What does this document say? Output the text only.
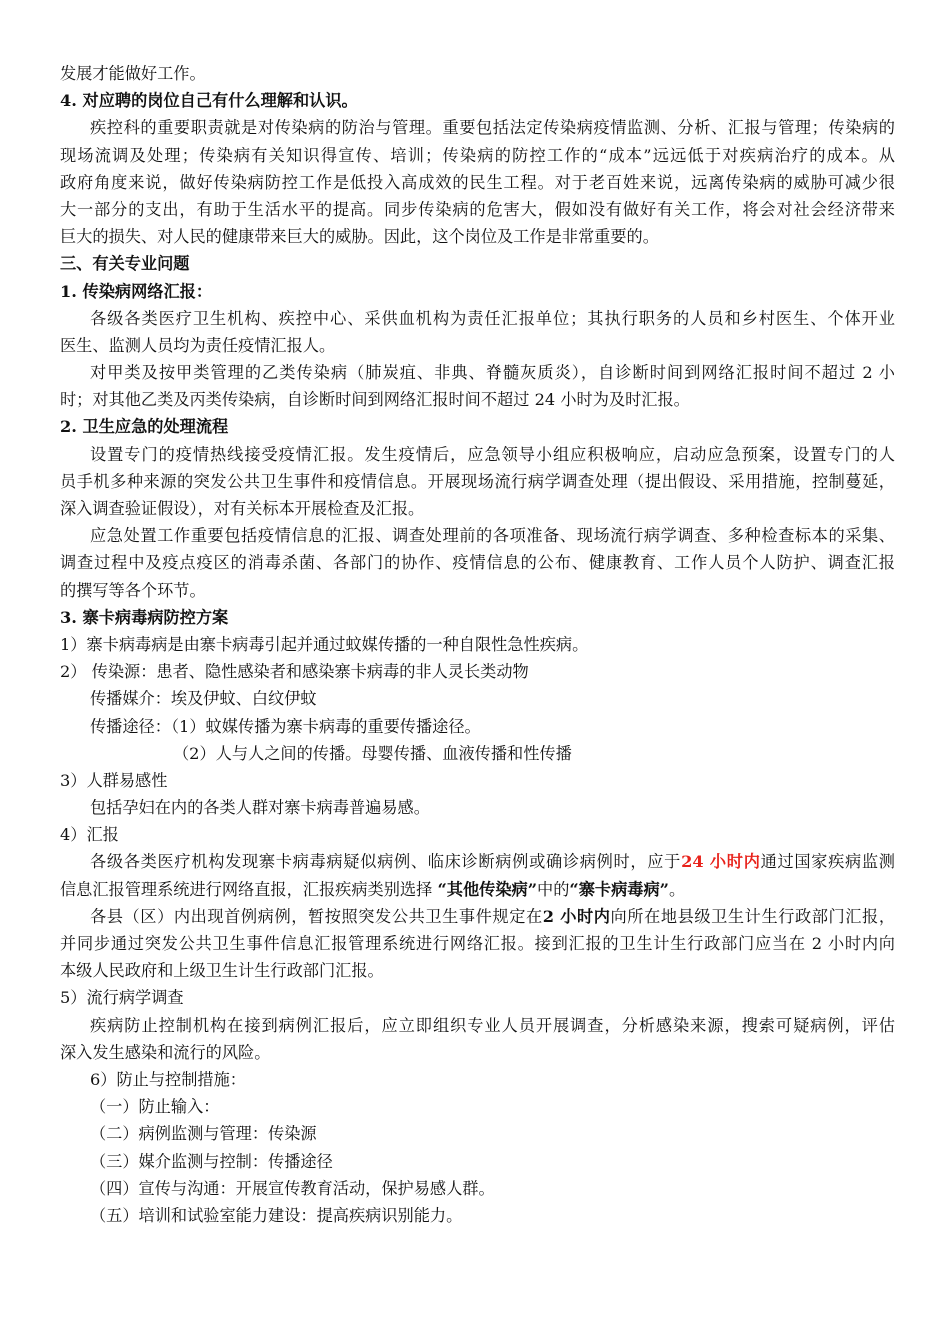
发展才能做好工作。
4. 对应聘的岗位自己有什么理解和认识。
疾控科的重要职责就是对传染病的防治与管理。重要包括法定传染病疫情监测、分析、汇报与管理；传染病的
现场流调及处理；传染病有关知识得宣传、培训；传染病的防控工作的“成本”远远低于对疾病治疗的成本。从
政府角度来说，做好传染病防控工作是低投入高成效的民生工程。对于老百姓来说，远离传染病的威胁可减少很
大一部分的支出，有助于生活水平的提高。同步传染病的危害大，假如没有做好有关工作，将会对社会经济带来
巨大的损失、对人民的健康带来巨大的威胁。因此，这个岗位及工作是非常重要的。
三、有关专业问题
1. 传染病网络汇报：
各级各类医疗卫生机构、疾控中心、采供血机构为责任汇报单位；其执行职务的人员和乡村医生、个体开业
医生、监测人员均为责任疫情汇报人。
对甲类及按甲类管理的乙类传染病（肺炭疽、非典、脊髓灰质炎），自诊断时间到网络汇报时间不超过 2 小
时；对其他乙类及丙类传染病，自诊断时间到网络汇报时间不超过 24 小时为及时汇报。
2. 卫生应急的处理流程
设置专门的疫情热线接受疫情汇报。发生疫情后，应急领导小组应积极响应，启动应急预案，设置专门的人
员手机多种来源的突发公共卫生事件和疫情信息。开展现场流行病学调查处理（提出假设、采用措施，控制蔓延，
深入调查验证假设），对有关标本开展检查及汇报。
应急处置工作重要包括疫情信息的汇报、调查处理前的各项准备、现场流行病学调查、多种检查标本的采集、
调查过程中及疫点疫区的消毒杀菌、各部门的协作、疫情信息的公布、健康教育、工作人员个人防护、调查汇报
的撰写等各个环节。
3. 寨卡病毒病防控方案
1）寨卡病毒病是由寨卡病毒引起并通过蚊媒传播的一种自限性急性疾病。
2） 传染源：患者、隐性感染者和感染寨卡病毒的非人灵长类动物
传播媒介：埃及伊蚊、白纹伊蚊
传播途径：（1）蚊媒传播为寨卡病毒的重要传播途径。
（2）人与人之间的传播。母婴传播、血液传播和性传播
3）人群易感性
包括孕妇在内的各类人群对寨卡病毒普遍易感。
4）汇报
各级各类医疗机构发现寨卡病毒病疑似病例、临床诊断病例或确诊病例时，应于24 小时内通过国家疾病监测
信息汇报管理系统进行网络直报，汇报疾病类别选择 “其他传染病”中的“寨卡病毒病”。
各县（区）内出现首例病例，暂按照突发公共卫生事件规定在2 小时内向所在地县级卫生计生行政部门汇报，
并同步通过突发公共卫生事件信息汇报管理系统进行网络汇报。接到汇报的卫生计生行政部门应当在 2 小时内向
本级人民政府和上级卫生计生行政部门汇报。
5）流行病学调查
疾病防止控制机构在接到病例汇报后，应立即组织专业人员开展调查，分析感染来源，搜索可疑病例，评估
深入发生感染和流行的风险。
6）防止与控制措施：
（一）防止输入：
（二）病例监测与管理：传染源
（三）媒介监测与控制：传播途径
（四）宣传与沟通：开展宣传教育活动，保护易感人群。
（五）培训和试验室能力建设：提高疾病识别能力。
